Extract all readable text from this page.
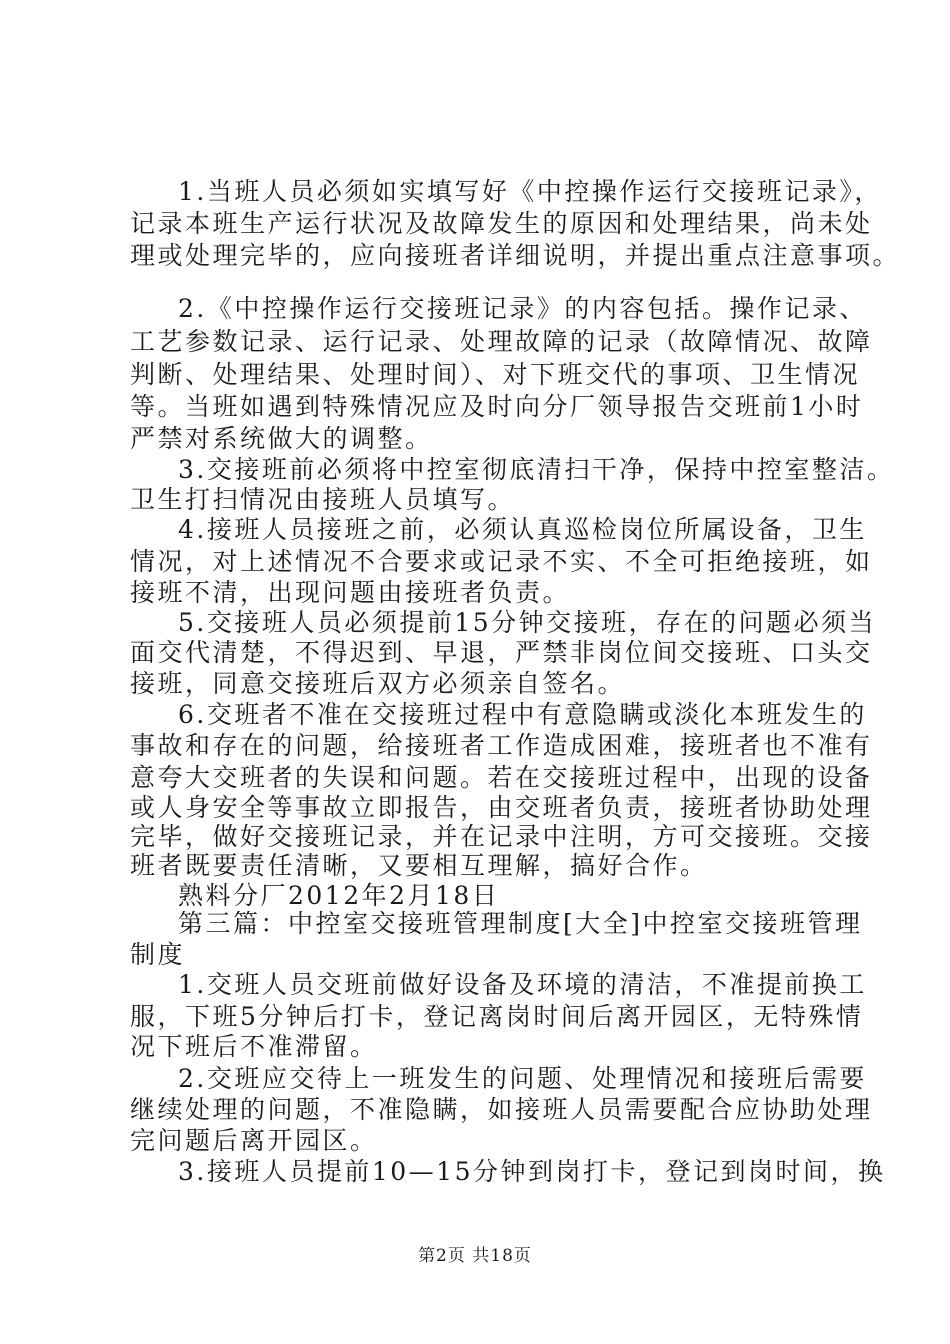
1.当班人员必须如实填写好《中控操作运行交接班记录》，
记录本班生产运行状况及故障发生的原因和处理结果，尚未处
理或处理完毕的，应向接班者详细说明，并提出重点注意事项。
2.《中控操作运行交接班记录》的内容包括。操作记录、
工艺参数记录、运行记录、处理故障的记录（故障情况、故障
判断、处理结果、处理时间）、对下班交代的事项、卫生情况
等。当班如遇到特殊情况应及时向分厂领导报告交班前1小时
严禁对系统做大的调整。
3.交接班前必须将中控室彻底清扫干净，保持中控室整洁。
卫生打扫情况由接班人员填写。
4.接班人员接班之前，必须认真巡检岗位所属设备，卫生
情况，对上述情况不合要求或记录不实、不全可拒绝接班，如
接班不清，出现问题由接班者负责。
5.交接班人员必须提前15分钟交接班，存在的问题必须当
面交代清楚，不得迟到、早退，严禁非岗位间交接班、口头交
接班，同意交接班后双方必须亲自签名。
6.交班者不准在交接班过程中有意隐瞒或淡化本班发生的
事故和存在的问题，给接班者工作造成困难，接班者也不准有
意夸大交班者的失误和问题。若在交接班过程中，出现的设备
或人身安全等事故立即报告，由交班者负责，接班者协助处理
完毕，做好交接班记录，并在记录中注明，方可交接班。交接
班者既要责任清晰，又要相互理解，搞好合作。
熟料分厂2012年2月18日
第三篇：中控室交接班管理制度[大全]中控室交接班管理
制度
1.交班人员交班前做好设备及环境的清洁，不准提前换工
服，下班5分钟后打卡，登记离岗时间后离开园区，无特殊情
况下班后不准滞留。
2.交班应交待上一班发生的问题、处理情况和接班后需要
继续处理的问题，不准隐瞒，如接班人员需要配合应协助处理
完问题后离开园区。
3.接班人员提前10—15分钟到岗打卡，登记到岗时间，换
第2页 共18页
